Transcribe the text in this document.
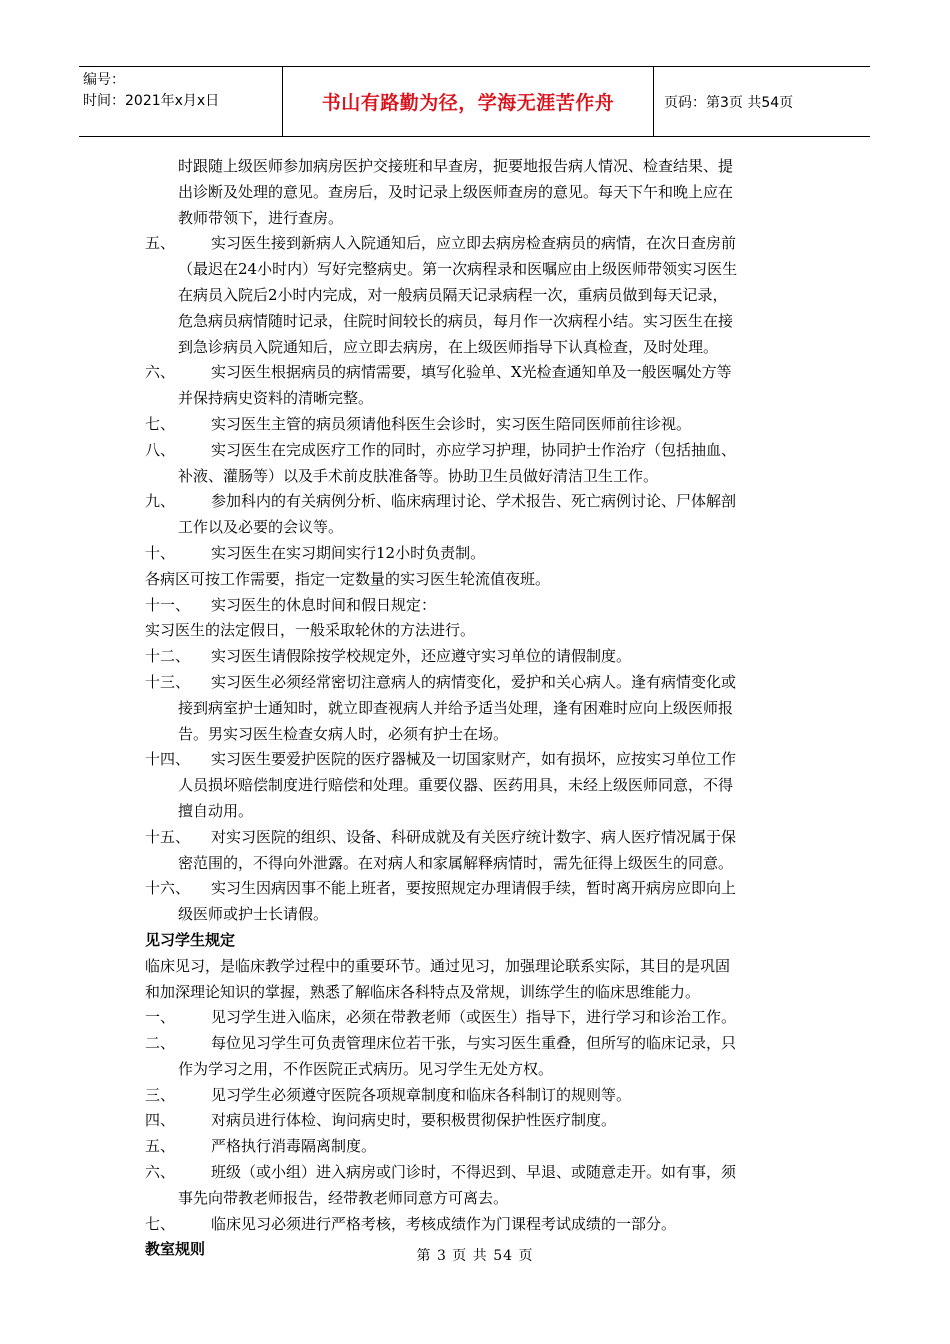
编号：
时间：2021年x月x日	书山有路勤为径，学海无涯苦作舟	页码：第3页 共54页
时跟随上级医师参加病房医护交接班和早查房，扼要地报告病人情况、检查结果、提
出诊断及处理的意见。查房后，及时记录上级医师查房的意见。每天下午和晚上应在
教师带领下，进行查房。
五、 实习医生接到新病人入院通知后，应立即去病房检查病员的病情，在次日查房前
（最迟在24小时内）写好完整病史。第一次病程录和医嘱应由上级医师带领实习医生
在病员入院后2小时内完成，对一般病员隔天记录病程一次，重病员做到每天记录，
危急病员病情随时记录，住院时间较长的病员，每月作一次病程小结。实习医生在接
到急诊病员入院通知后，应立即去病房，在上级医师指导下认真检查，及时处理。
六、 实习医生根据病员的病情需要，填写化验单、X光检查通知单及一般医嘱处方等
并保持病史资料的清晰完整。
七、 实习医生主管的病员须请他科医生会诊时，实习医生陪同医师前往诊视。
八、 实习医生在完成医疗工作的同时，亦应学习护理，协同护士作治疗（包括抽血、
补液、灌肠等）以及手术前皮肤准备等。协助卫生员做好清洁卫生工作。
九、 参加科内的有关病例分析、临床病理讨论、学术报告、死亡病例讨论、尸体解剖
工作以及必要的会议等。
十、 实习医生在实习期间实行12小时负责制。
各病区可按工作需要，指定一定数量的实习医生轮流值夜班。
十一、 实习医生的休息时间和假日规定：
实习医生的法定假日，一般采取轮休的方法进行。
十二、 实习医生请假除按学校规定外，还应遵守实习单位的请假制度。
十三、 实习医生必须经常密切注意病人的病情变化，爱护和关心病人。逢有病情变化或
接到病室护士通知时，就立即查视病人并给予适当处理，逢有困难时应向上级医师报
告。男实习医生检查女病人时，必须有护士在场。
十四、 实习医生要爱护医院的医疗器械及一切国家财产，如有损坏，应按实习单位工作
人员损坏赔偿制度进行赔偿和处理。重要仪器、医药用具，未经上级医师同意，不得
擅自动用。
十五、 对实习医院的组织、设备、科研成就及有关医疗统计数字、病人医疗情况属于保
密范围的，不得向外泄露。在对病人和家属解释病情时，需先征得上级医生的同意。
十六、 实习生因病因事不能上班者，要按照规定办理请假手续，暂时离开病房应即向上
级医师或护士长请假。
见习学生规定
临床见习，是临床教学过程中的重要环节。通过见习，加强理论联系实际，其目的是巩固
和加深理论知识的掌握，熟悉了解临床各科特点及常规，训练学生的临床思维能力。
一、 见习学生进入临床，必须在带教老师（或医生）指导下，进行学习和诊治工作。
二、 每位见习学生可负责管理床位若干张，与实习医生重叠，但所写的临床记录，只
作为学习之用，不作医院正式病历。见习学生无处方权。
三、 见习学生必须遵守医院各项规章制度和临床各科制订的规则等。
四、 对病员进行体检、询问病史时，要积极贯彻保护性医疗制度。
五、 严格执行消毒隔离制度。
六、 班级（或小组）进入病房或门诊时，不得迟到、早退、或随意走开。如有事，须
事先向带教老师报告，经带教老师同意方可离去。
七、 临床见习必须进行严格考核，考核成绩作为门课程考试成绩的一部分。
教室规则	第 3 页 共 54 页
